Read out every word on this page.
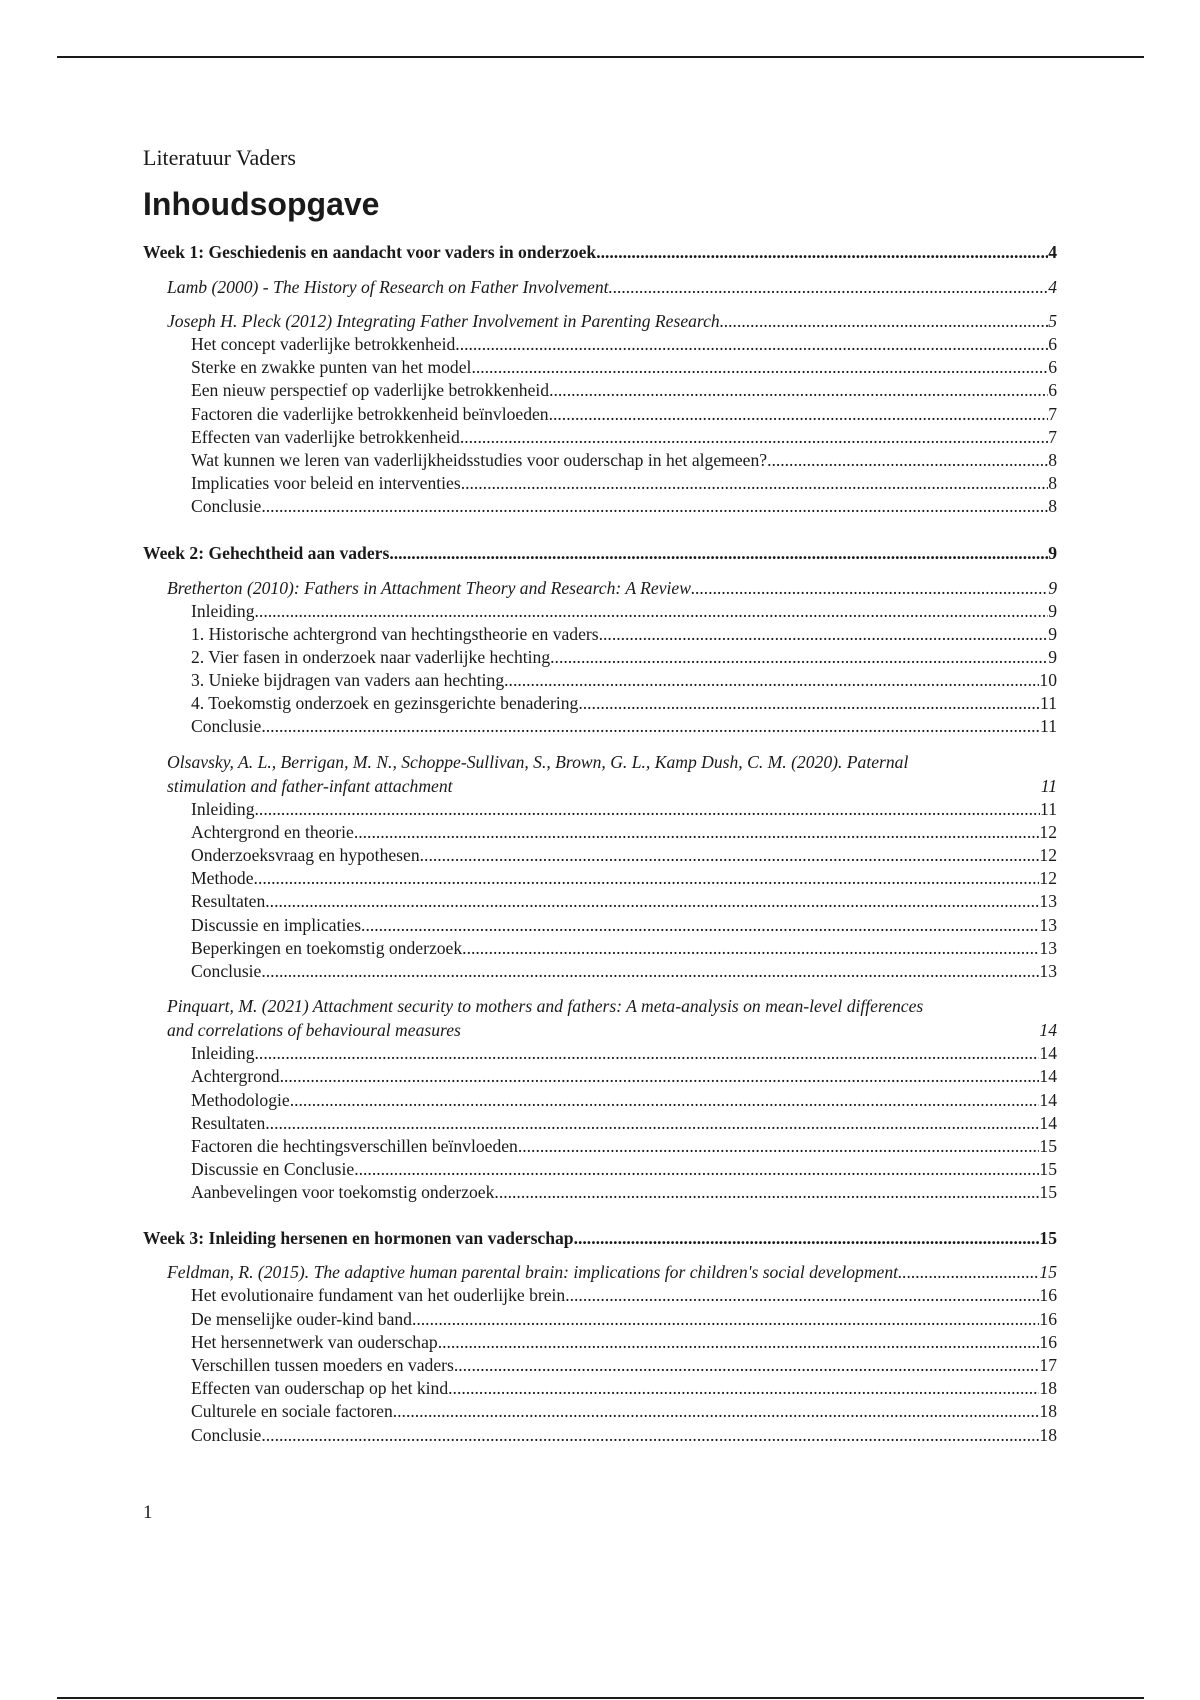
Literatuur Vaders

Inhoudsopgave
Week 1: Geschiedenis en aandacht voor vaders in onderzoek .....	4
Lamb (2000) - The History of Research on Father Involvement .....	4
Joseph H. Pleck (2012) Integrating Father Involvement in Parenting Research .....	5
Het concept vaderlijke betrokkenheid .....	6
Sterke en zwakke punten van het model .....	6
Een nieuw perspectief op vaderlijke betrokkenheid .....	6
Factoren die vaderlijke betrokkenheid beïnvloeden .....	7
Effecten van vaderlijke betrokkenheid .....	7
Wat kunnen we leren van vaderlijkheidsstudies voor ouderschap in het algemeen? .....	8
Implicaties voor beleid en interventies .....	8
Conclusie .....	8
Week 2: Gehechtheid aan vaders .....	9
Bretherton (2010): Fathers in Attachment Theory and Research: A Review .....	9
Inleiding .....	9
1. Historische achtergrond van hechtingstheorie en vaders .....	9
2. Vier fasen in onderzoek naar vaderlijke hechting .....	9
3. Unieke bijdragen van vaders aan hechting .....	10
4. Toekomstig onderzoek en gezinsgerichte benadering .....	11
Conclusie .....	11
Olsavsky, A. L., Berrigan, M. N., Schoppe-Sullivan, S., Brown, G. L., Kamp Dush, C. M. (2020). Paternal
stimulation and father-infant attachment	11
Inleiding .....	11
Achtergrond en theorie .....	12
Onderzoeksvraag en hypothesen .....	12
Methode .....	12
Resultaten .....	13
Discussie en implicaties .....	13
Beperkingen en toekomstig onderzoek .....	13
Conclusie .....	13
Pinquart, M. (2021) Attachment security to mothers and fathers: A meta-analysis on mean-level differences
and correlations of behavioural measures	14
Inleiding .....	14
Achtergrond .....	14
Methodologie .....	14
Resultaten .....	14
Factoren die hechtingsverschillen beïnvloeden .....	15
Discussie en Conclusie .....	15
Aanbevelingen voor toekomstig onderzoek .....	15
Week 3: Inleiding hersenen en hormonen van vaderschap .....	15
Feldman, R. (2015). The adaptive human parental brain: implications for children's social development .....	15
Het evolutionaire fundament van het ouderlijke brein .....	16
De menselijke ouder-kind band .....	16
Het hersennetwerk van ouderschap .....	16
Verschillen tussen moeders en vaders .....	17
Effecten van ouderschap op het kind .....	18
Culturele en sociale factoren .....	18
Conclusie .....	18
1
